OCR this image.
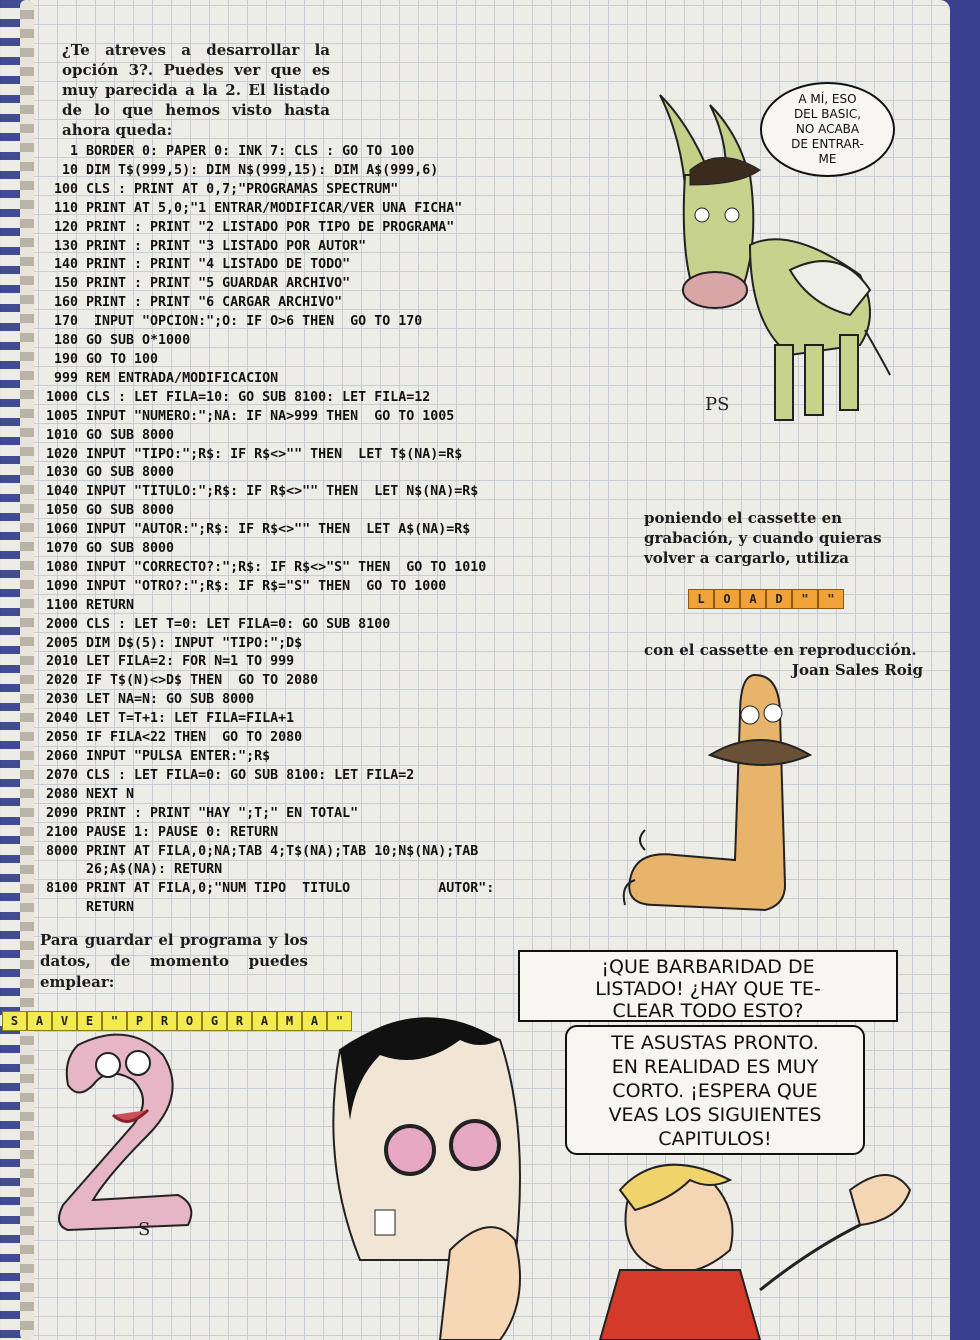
¿Te atreves a desarrollar la opción 3?. Puedes ver que es muy parecida a la 2. El listado de lo que hemos visto hasta ahora queda:
1 BORDER 0: PAPER 0: INK 7: CLS : GO TO 100
10 DIM T$(999,5): DIM N$(999,15): DIM A$(999,6)
100 CLS : PRINT AT 0,7;"PROGRAMAS SPECTRUM"
110 PRINT AT 5,0;"1 ENTRAR/MODIFICAR/VER UNA FICHA"
120 PRINT : PRINT "2 LISTADO POR TIPO DE PROGRAMA"
130 PRINT : PRINT "3 LISTADO POR AUTOR"
140 PRINT : PRINT "4 LISTADO DE TODO"
150 PRINT : PRINT "5 GUARDAR ARCHIVO"
160 PRINT : PRINT "6 CARGAR ARCHIVO"
170 INPUT "OPCION:";O: IF O>6 THEN  GO TO 170
180 GO SUB O*1000
190 GO TO 100
999 REM ENTRADA/MODIFICACION
1000 CLS : LET FILA=10: GO SUB 8100: LET FILA=12
1005 INPUT "NUMERO:";NA: IF NA>999 THEN  GO TO 1005
1010 GO SUB 8000
1020 INPUT "TIPO:";R$: IF R$<>"" THEN  LET T$(NA)=R$
1030 GO SUB 8000
1040 INPUT "TITULO:";R$: IF R$<>"" THEN  LET N$(NA)=R$
1050 GO SUB 8000
1060 INPUT "AUTOR:";R$: IF R$<>"" THEN  LET A$(NA)=R$
1070 GO SUB 8000
1080 INPUT "CORRECTO?:";R$: IF R$<>"S" THEN  GO TO 1010
1090 INPUT "OTRO?:";R$: IF R$="S" THEN  GO TO 1000
1100 RETURN
2000 CLS : LET T=0: LET FILA=0: GO SUB 8100
2005 DIM D$(5): INPUT "TIPO:";D$
2010 LET FILA=2: FOR N=1 TO 999
2020 IF T$(N)<>D$ THEN  GO TO 2080
2030 LET NA=N: GO SUB 8000
2040 LET T=T+1: LET FILA=FILA+1
2050 IF FILA<22 THEN  GO TO 2080
2060 INPUT "PULSA ENTER:";R$
2070 CLS : LET FILA=0: GO SUB 8100: LET FILA=2
2080 NEXT N
2090 PRINT : PRINT "HAY ";T;" EN TOTAL"
2100 PAUSE 1: PAUSE 0: RETURN
8000 PRINT AT FILA,0;NA;TAB 4;T$(NA);TAB 10;N$(NA);TAB
26;A$(NA): RETURN
8100 PRINT AT FILA,0;"NUM TIPO  TITULO           AUTOR":
RETURN
PS
A MÍ, ESO
DEL BASIC,
NO ACABA
DE ENTRAR-
ME
poniendo el cassette en grabación, y cuando quieras volver a cargarlo, utiliza
L	O	A	D	"	"
con el cassette en reproducción.
Joan Sales Roig
Para guardar el programa y los datos, de momento puedes emplear:
S	A	V	E	"	P	R	O	G	R	A	M	A	"
S
¡QUE BARBARIDAD DE
LISTADO! ¿HAY QUE TE-
CLEAR TODO ESTO?
TE ASUSTAS PRONTO.
EN REALIDAD ES MUY
CORTO. ¡ESPERA QUE
VEAS LOS SIGUIENTES
CAPITULOS!
